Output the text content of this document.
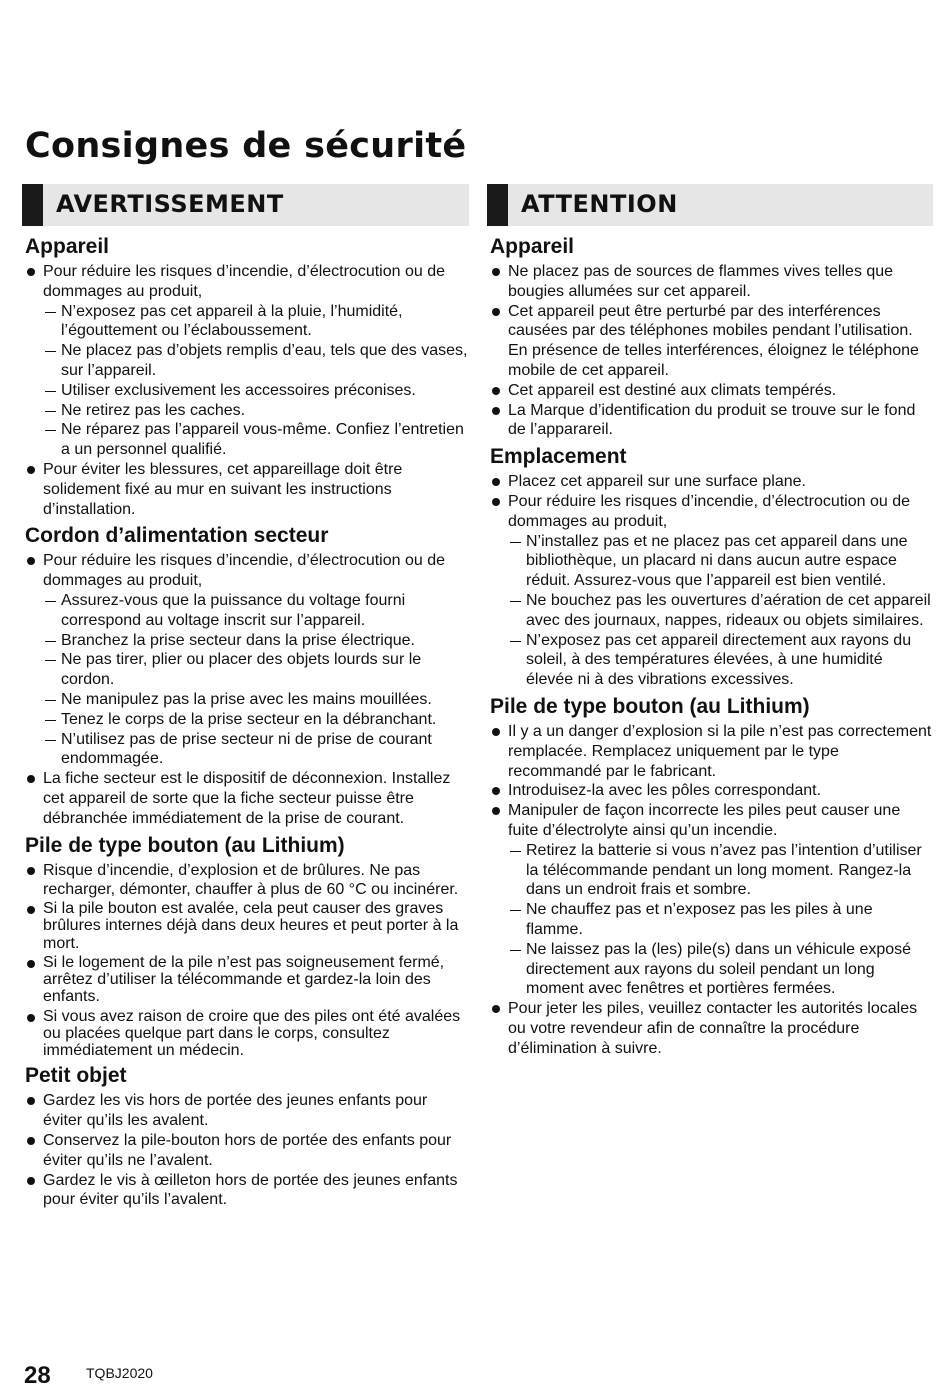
Consignes de sécurité
AVERTISSEMENT
Appareil
Pour réduire les risques d’incendie, d’électrocution ou de dommages au produit,
N’exposez pas cet appareil à la pluie, l’humidité, l’égouttement ou l’éclaboussement.
Ne placez pas d’objets remplis d’eau, tels que des vases, sur l’appareil.
Utiliser exclusivement les accessoires préconises.
Ne retirez pas les caches.
Ne réparez pas l’appareil vous-même. Confiez l’entretien a un personnel qualifié.
Pour éviter les blessures, cet appareillage doit être solidement fixé au mur en suivant les instructions d’installation.
Cordon d’alimentation secteur
Pour réduire les risques d’incendie, d’électrocution ou de dommages au produit,
Assurez-vous que la puissance du voltage fourni correspond au voltage inscrit sur l’appareil.
Branchez la prise secteur dans la prise électrique.
Ne pas tirer, plier ou placer des objets lourds sur le cordon.
Ne manipulez pas la prise avec les mains mouillées.
Tenez le corps de la prise secteur en la débranchant.
N’utilisez pas de prise secteur ni de prise de courant endommagée.
La fiche secteur est le dispositif de déconnexion. Installez cet appareil de sorte que la fiche secteur puisse être débranchée immédiatement de la prise de courant.
Pile de type bouton (au Lithium)
Risque d’incendie, d’explosion et de brûlures. Ne pas recharger, démonter, chauffer à plus de 60 °C ou incinérer.
Si la pile bouton est avalée, cela peut causer des graves brûlures internes déjà dans deux heures et peut porter à la mort.
Si le logement de la pile n’est pas soigneusement fermé, arrêtez d’utiliser la télécommande et gardez-la loin des enfants.
Si vous avez raison de croire que des piles ont été avalées ou placées quelque part dans le corps, consultez immédiatement un médecin.
Petit objet
Gardez les vis hors de portée des jeunes enfants pour éviter qu’ils les avalent.
Conservez la pile-bouton hors de portée des enfants pour éviter qu’ils ne l’avalent.
Gardez le vis à œilleton hors de portée des jeunes enfants pour éviter qu’ils l’avalent.
ATTENTION
Appareil
Ne placez pas de sources de flammes vives telles que bougies allumées sur cet appareil.
Cet appareil peut être perturbé par des interférences causées par des téléphones mobiles pendant l’utilisation. En présence de telles interférences, éloignez le téléphone mobile de cet appareil.
Cet appareil est destiné aux climats tempérés.
La Marque d’identification du produit se trouve sur le fond de l’apparareil.
Emplacement
Placez cet appareil sur une surface plane.
Pour réduire les risques d’incendie, d’électrocution ou de dommages au produit,
N’installez pas et ne placez pas cet appareil dans une bibliothèque, un placard ni dans aucun autre espace réduit. Assurez-vous que l’appareil est bien ventilé.
Ne bouchez pas les ouvertures d’aération de cet appareil avec des journaux, nappes, rideaux ou objets similaires.
N’exposez pas cet appareil directement aux rayons du soleil, à des températures élevées, à une humidité élevée ni à des vibrations excessives.
Pile de type bouton (au Lithium)
Il y a un danger d’explosion si la pile n’est pas correctement remplacée. Remplacez uniquement par le type recommandé par le fabricant.
Introduisez-la avec les pôles correspondant.
Manipuler de façon incorrecte les piles peut causer une fuite d’électrolyte ainsi qu’un incendie.
Retirez la batterie si vous n’avez pas l’intention d’utiliser la télécommande pendant un long moment. Rangez-la dans un endroit frais et sombre.
Ne chauffez pas et n’exposez pas les piles à une flamme.
Ne laissez pas la (les) pile(s) dans un véhicule exposé directement aux rayons du soleil pendant un long moment avec fenêtres et portières fermées.
Pour jeter les piles, veuillez contacter les autorités locales ou votre revendeur afin de connaître la procédure d’élimination à suivre.
28	TQBJ2020
